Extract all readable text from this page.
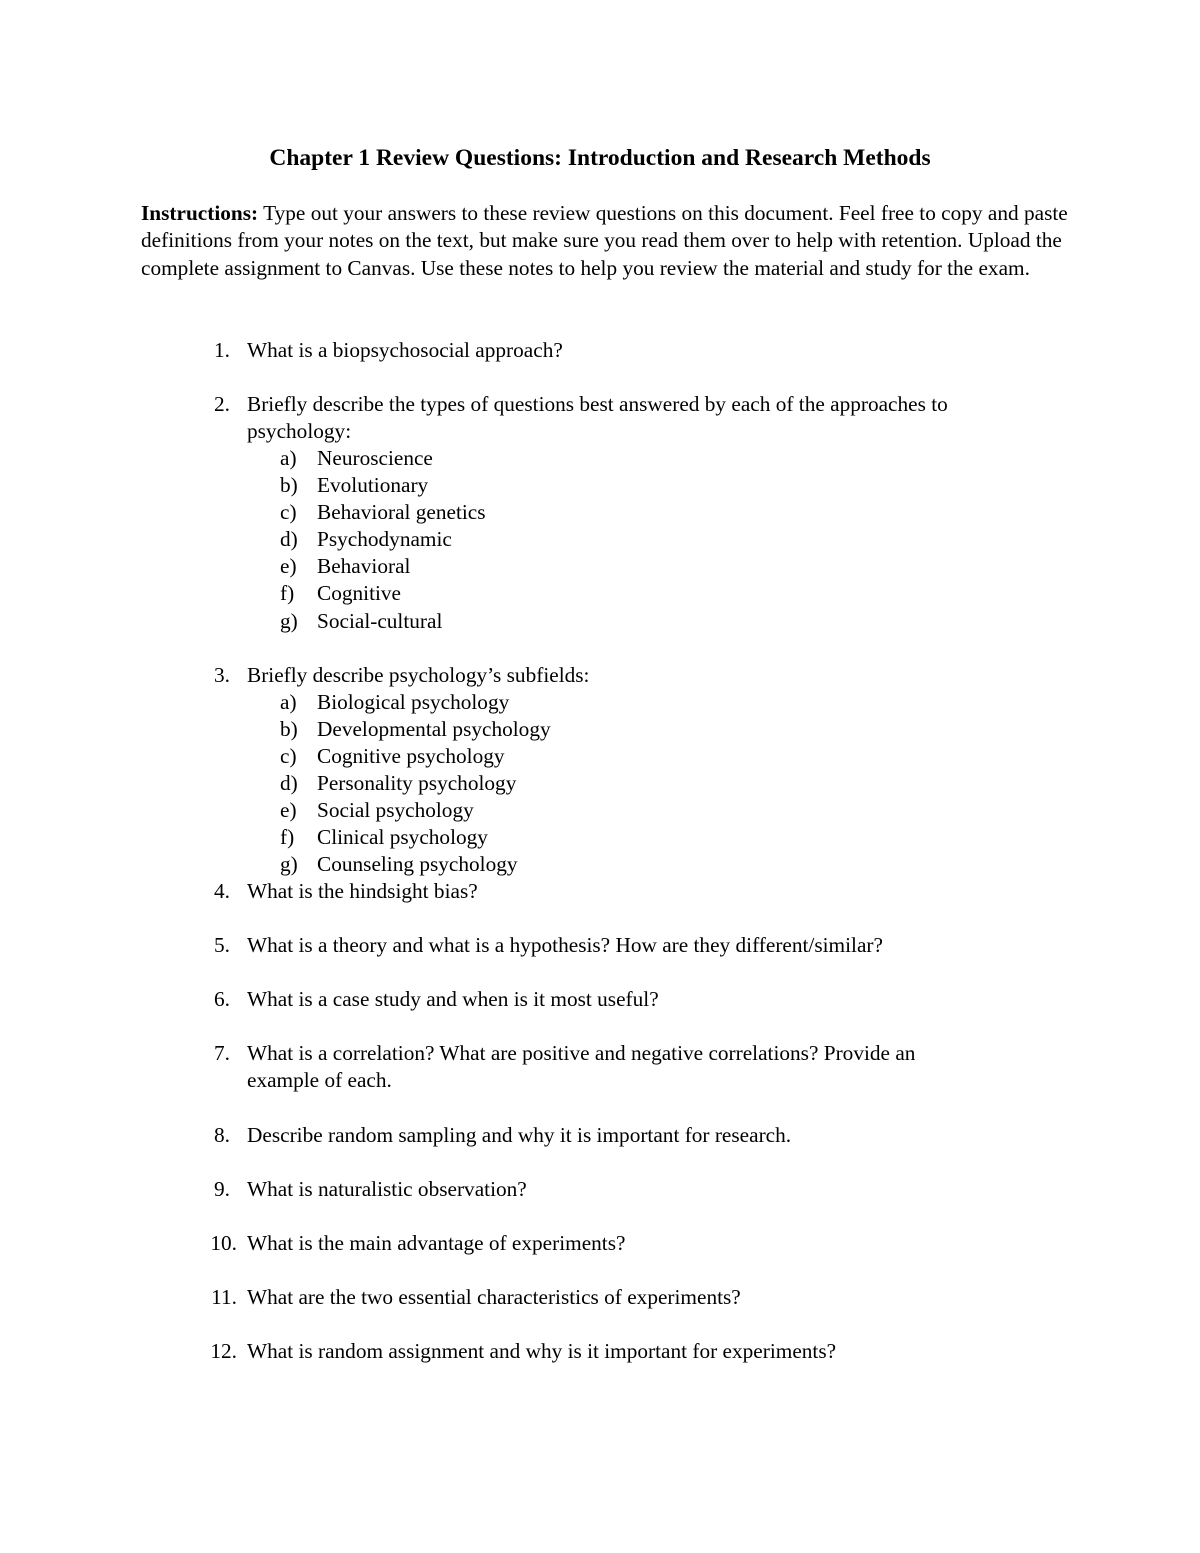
Chapter 1 Review Questions: Introduction and Research Methods

Instructions: Type out your answers to these review questions on this document. Feel free to copy and paste definitions from your notes on the text, but make sure you read them over to help with retention. Upload the complete assignment to Canvas. Use these notes to help you review the material and study for the exam.

1. What is a biopsychosocial approach?
2. Briefly describe the types of questions best answered by each of the approaches to
psychology:
a) Neuroscience
b) Evolutionary
c) Behavioral genetics
d) Psychodynamic
e) Behavioral
f)	Cognitive
g) Social-cultural
3. Briefly describe psychology’s subfields:
a) Biological psychology
b) Developmental psychology
c) Cognitive psychology
d) Personality psychology
e) Social psychology
f)	Clinical psychology
g) Counseling psychology
4. What is the hindsight bias?
5. What is a theory and what is a hypothesis? How are they different/similar?
6. What is a case study and when is it most useful?
7. What is a correlation? What are positive and negative correlations? Provide an
example of each.
8. Describe random sampling and why it is important for research.
9. What is naturalistic observation?
10. What is the main advantage of experiments?
11. What are the two essential characteristics of experiments?
12. What is random assignment and why is it important for experiments?
